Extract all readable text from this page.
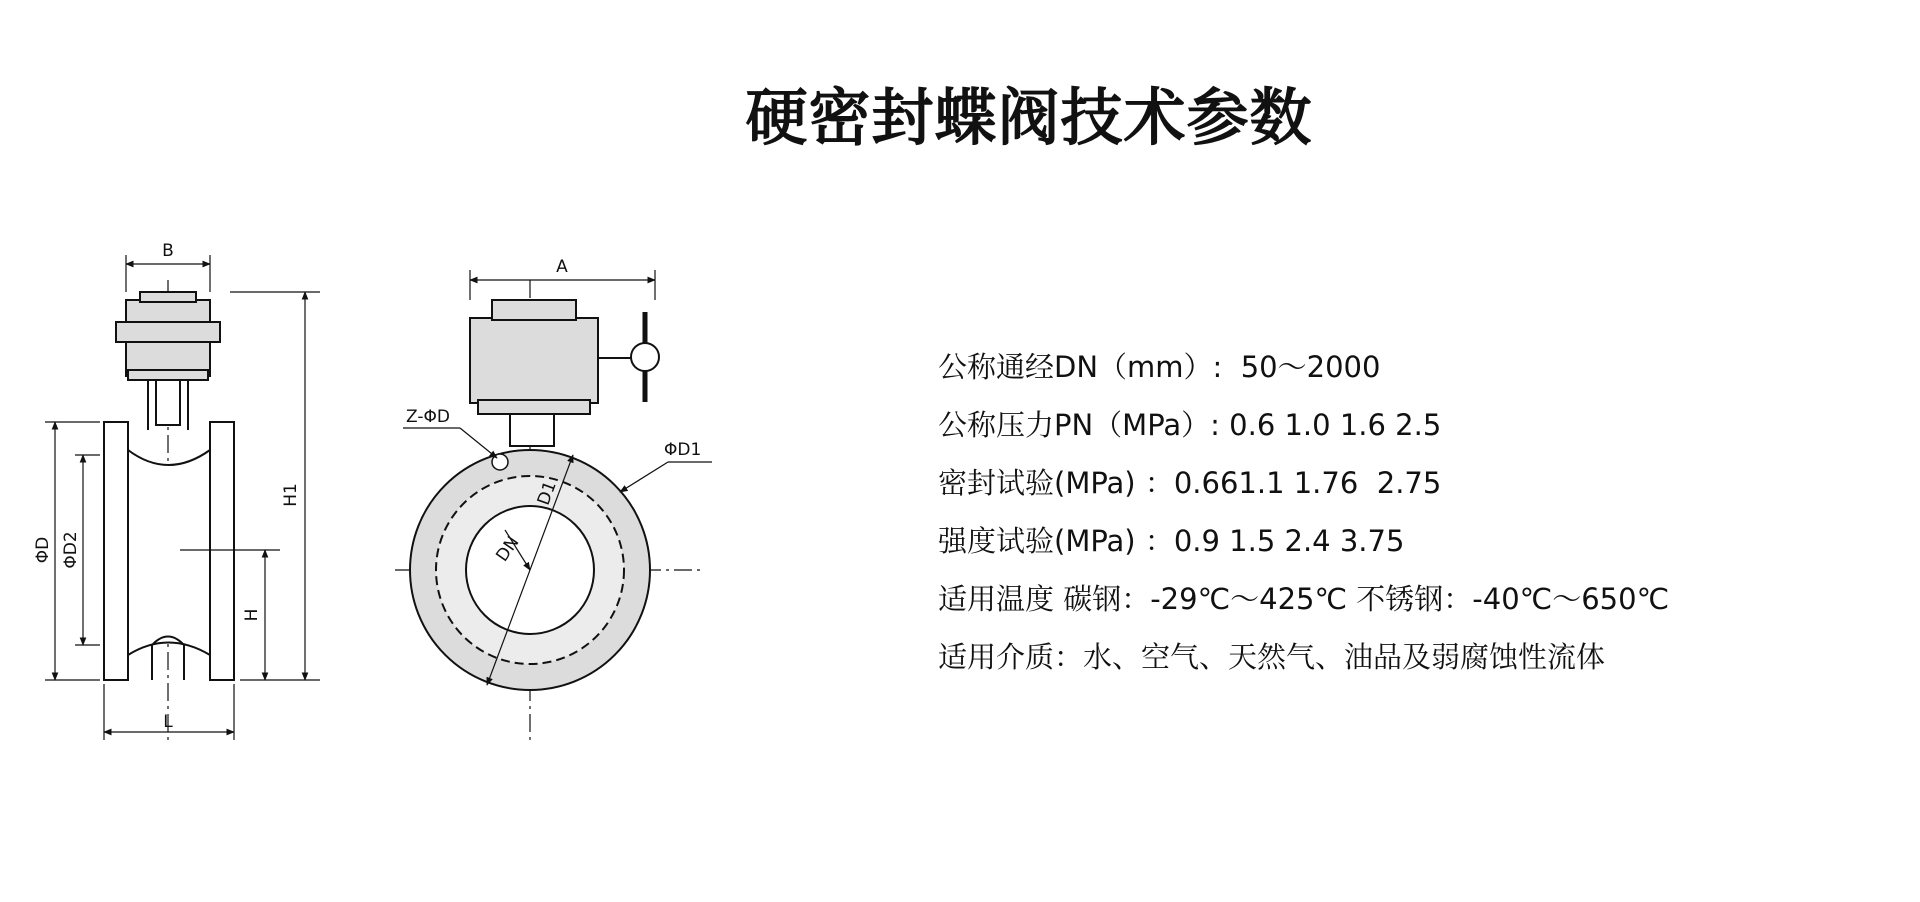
硬密封蝶阀技术参数
B
H1
H
ΦD ΦD2
L
A
Z-ΦD
ΦD1
D1
DN
公称通经DN（mm）:  50～2000
公称压力PN（MPa）: 0.6 1.0 1.6 2.5
密封试验(MPa) ：0.661.1 1.76  2.75
强度试验(MPa) ：0.9 1.5 2.4 3.75
适用温度 碳钢：-29℃～425℃ 不锈钢：-40℃～650℃
适用介质：水、空气、天然气、油品及弱腐蚀性流体
